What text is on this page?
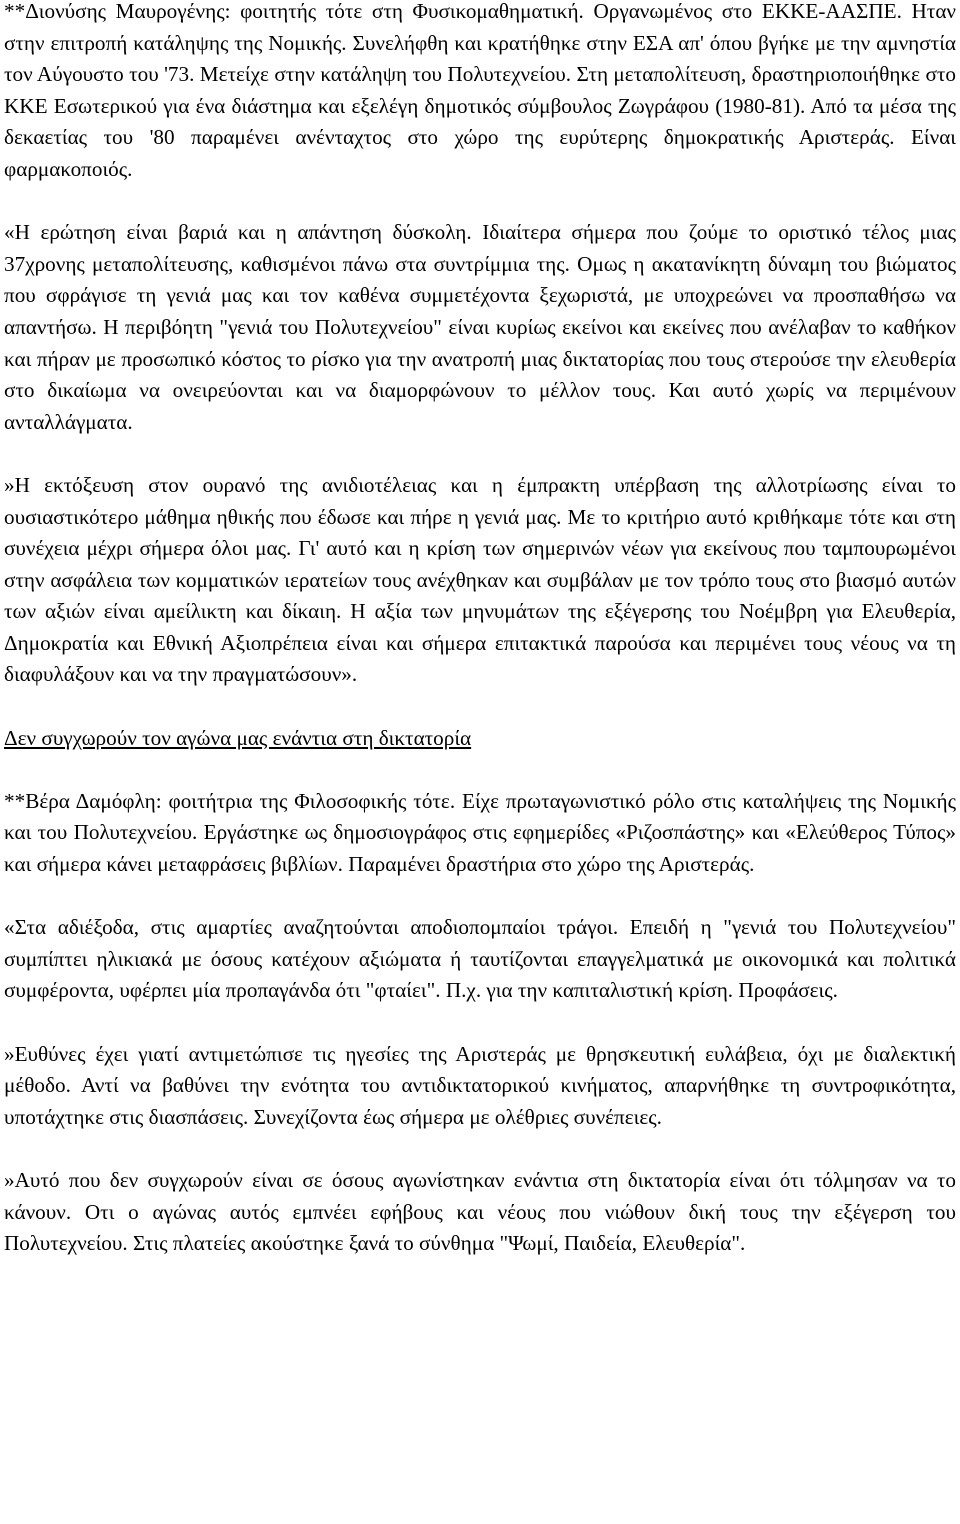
**Διονύσης Μαυρογένης: φοιτητής τότε στη Φυσικομαθηματική. Οργανωμένος στο ΕΚΚΕ-ΑΑΣΠΕ. Ηταν στην επιτροπή κατάληψης της Νομικής. Συνελήφθη και κρατήθηκε στην ΕΣΑ απ' όπου βγήκε με την αμνηστία τον Αύγουστο του '73. Μετείχε στην κατάληψη του Πολυτεχνείου. Στη μεταπολίτευση, δραστηριοποιήθηκε στο ΚΚΕ Εσωτερικού για ένα διάστημα και εξελέγη δημοτικός σύμβουλος Ζωγράφου (1980-81). Από τα μέσα της δεκαετίας του '80 παραμένει ανένταχτος στο χώρο της ευρύτερης δημοκρατικής Αριστεράς. Είναι φαρμακοποιός.

«Η ερώτηση είναι βαριά και η απάντηση δύσκολη. Ιδιαίτερα σήμερα που ζούμε το οριστικό τέλος μιας 37χρονης μεταπολίτευσης, καθισμένοι πάνω στα συντρίμμια της. Ομως η ακατανίκητη δύναμη του βιώματος που σφράγισε τη γενιά μας και τον καθένα συμμετέχοντα ξεχωριστά, με υποχρεώνει να προσπαθήσω να απαντήσω. Η περιβόητη "γενιά του Πολυτεχνείου" είναι κυρίως εκείνοι και εκείνες που ανέλαβαν το καθήκον και πήραν με προσωπικό κόστος το ρίσκο για την ανατροπή μιας δικτατορίας που τους στερούσε την ελευθερία στο δικαίωμα να ονειρεύονται και να διαμορφώνουν το μέλλον τους. Και αυτό χωρίς να περιμένουν ανταλλάγματα.

»Η εκτόξευση στον ουρανό της ανιδιοτέλειας και η έμπρακτη υπέρβαση της αλλοτρίωσης είναι το ουσιαστικότερο μάθημα ηθικής που έδωσε και πήρε η γενιά μας. Με το κριτήριο αυτό κριθήκαμε τότε και στη συνέχεια μέχρι σήμερα όλοι μας. Γι' αυτό και η κρίση των σημερινών νέων για εκείνους που ταμπουρωμένοι στην ασφάλεια των κομματικών ιερατείων τους ανέχθηκαν και συμβάλαν με τον τρόπο τους στο βιασμό αυτών των αξιών είναι αμείλικτη και δίκαιη. Η αξία των μηνυμάτων της εξέγερσης του Νοέμβρη για Ελευθερία, Δημοκρατία και Εθνική Αξιοπρέπεια είναι και σήμερα επιτακτικά παρούσα και περιμένει τους νέους να τη διαφυλάξουν και να την πραγματώσουν».

Δεν συγχωρούν τον αγώνα μας ενάντια στη δικτατορία

**Βέρα Δαμόφλη: φοιτήτρια της Φιλοσοφικής τότε. Είχε πρωταγωνιστικό ρόλο στις καταλήψεις της Νομικής και του Πολυτεχνείου. Εργάστηκε ως δημοσιογράφος στις εφημερίδες «Ριζοσπάστης» και «Ελεύθερος Τύπος» και σήμερα κάνει μεταφράσεις βιβλίων. Παραμένει δραστήρια στο χώρο της Αριστεράς.

«Στα αδιέξοδα, στις αμαρτίες αναζητούνται αποδιοπομπαίοι τράγοι. Επειδή η "γενιά του Πολυτεχνείου" συμπίπτει ηλικιακά με όσους κατέχουν αξιώματα ή ταυτίζονται επαγγελματικά με οικονομικά και πολιτικά συμφέροντα, υφέρπει μία προπαγάνδα ότι "φταίει". Π.χ. για την καπιταλιστική κρίση. Προφάσεις.

»Ευθύνες έχει γιατί αντιμετώπισε τις ηγεσίες της Αριστεράς με θρησκευτική ευλάβεια, όχι με διαλεκτική μέθοδο. Αντί να βαθύνει την ενότητα του αντιδικτατορικού κινήματος, απαρνήθηκε τη συντροφικότητα, υποτάχτηκε στις διασπάσεις. Συνεχίζοντα έως σήμερα με ολέθριες συνέπειες.

»Αυτό που δεν συγχωρούν είναι σε όσους αγωνίστηκαν ενάντια στη δικτατορία είναι ότι τόλμησαν να το κάνουν. Οτι ο αγώνας αυτός εμπνέει εφήβους και νέους που νιώθουν δική τους την εξέγερση του Πολυτεχνείου. Στις πλατείες ακούστηκε ξανά το σύνθημα "Ψωμί, Παιδεία, Ελευθερία".
